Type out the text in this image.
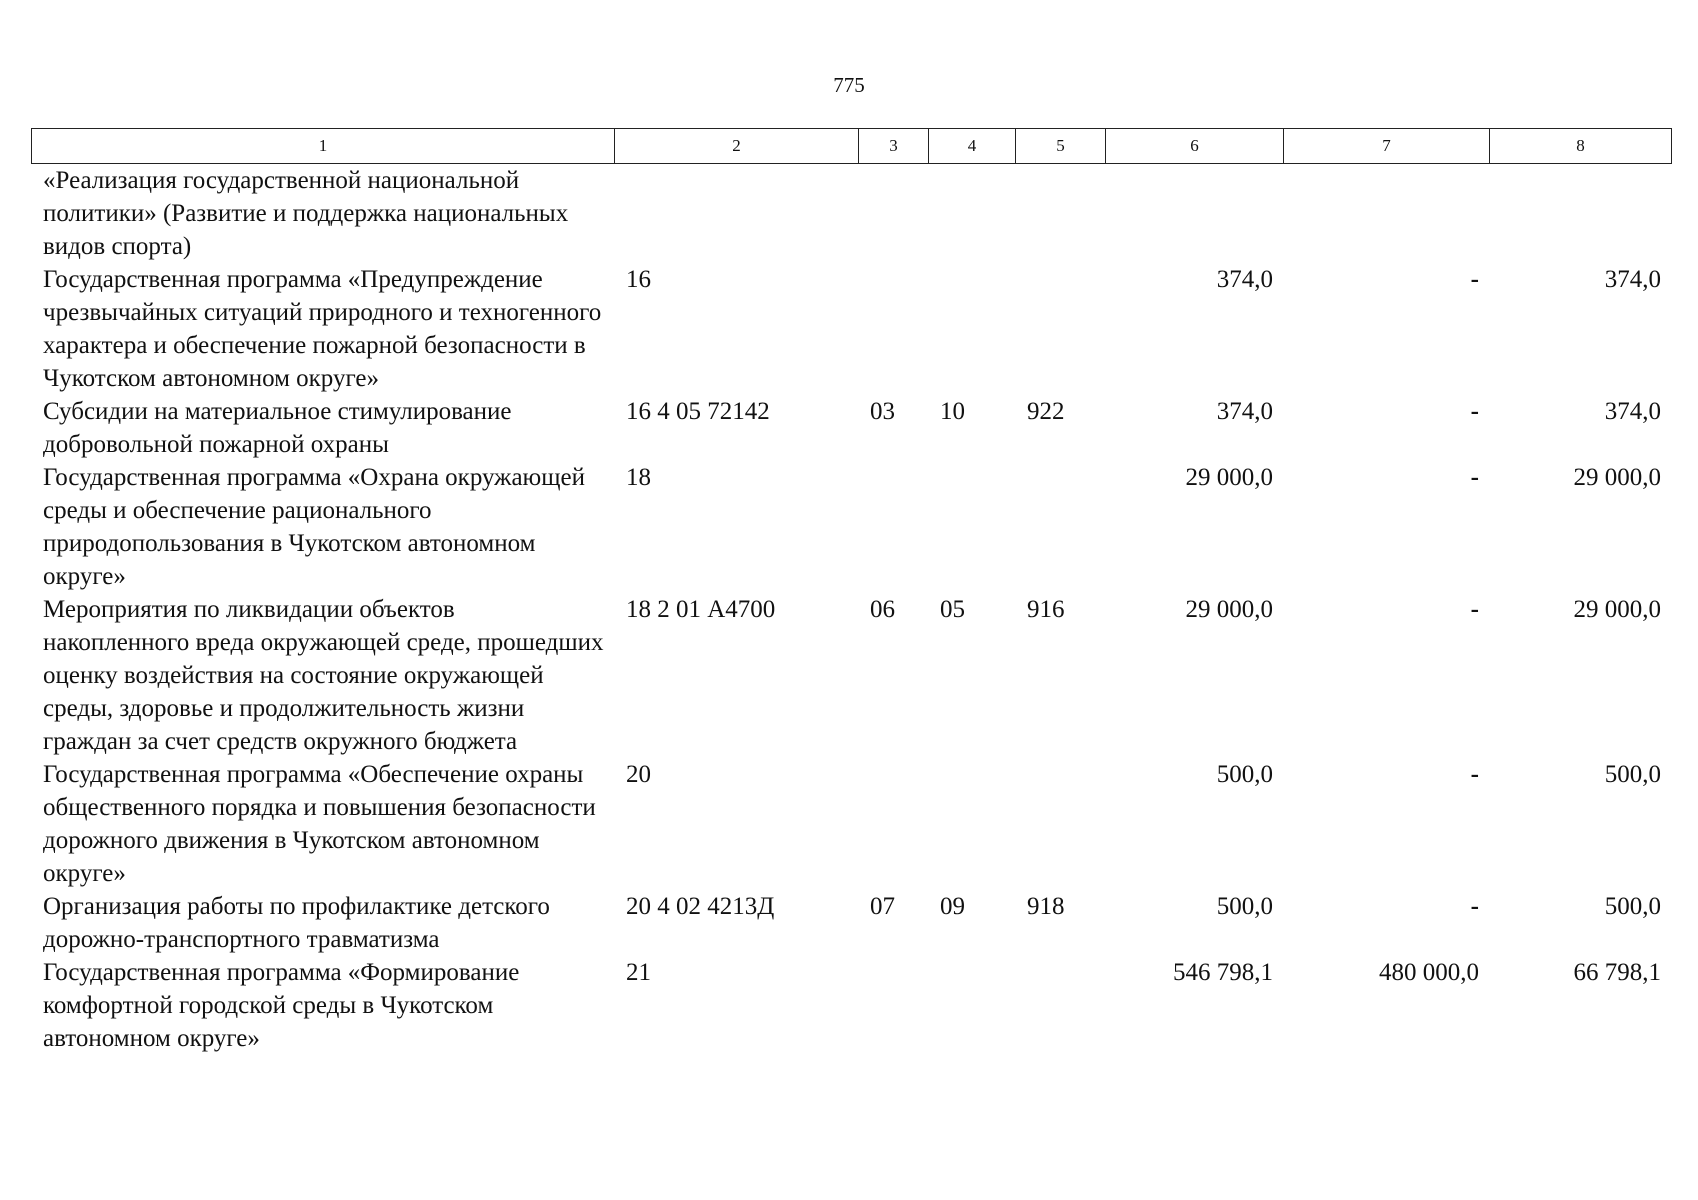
775
1	2	3	4	5	6	7	8
«Реализация государственной национальной политики» (Развитие и поддержка национальных видов спорта)							
Государственная программа «Предупреждение чрезвычайных ситуаций природного и техногенного характера и обеспечение пожарной безопасности в Чукотском автономном округе»	16				374,0	-	374,0
Субсидии на материальное стимулирование добровольной пожарной охраны	16 4 05 72142	03	10	922	374,0	-	374,0
Государственная программа «Охрана окружающей среды и обеспечение рационального природопользования в Чукотском автономном округе»	18				29 000,0	-	29 000,0
Мероприятия по ликвидации объектов накопленного вреда окружающей среде, прошедших оценку воздействия на состояние окружающей среды, здоровье и продолжительность жизни граждан за счет средств окружного бюджета	18 2 01 А4700	06	05	916	29 000,0	-	29 000,0
Государственная программа «Обеспечение охраны общественного порядка и повышения безопасности дорожного движения в Чукотском автономном округе»	20				500,0	-	500,0
Организация работы по профилактике детского дорожно-транспортного травматизма	20 4 02 4213Д	07	09	918	500,0	-	500,0
Государственная программа «Формирование комфортной городской среды в Чукотском автономном округе»	21				546 798,1	480 000,0	66 798,1
